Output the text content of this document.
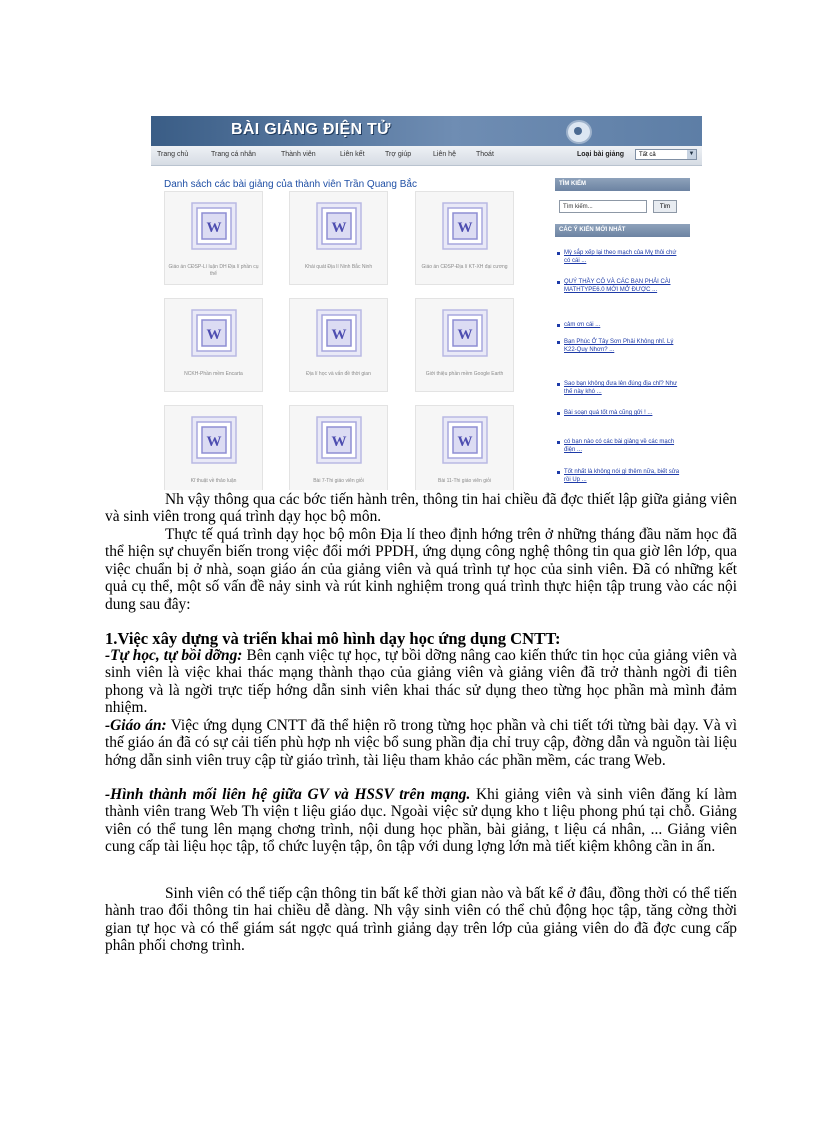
BÀI GIẢNG ĐIỆN TỬ
Trang chủ	Trang cá nhân	Thành viên	Liên kết	Trợ giúp	Liên hệ	Thoát	Loại bài giảng	Tất cả	▼
Danh sách các bài giảng của thành viên Trần Quang Bắc
W
Giáo án CĐSP-Lí luận DH Địa lí phần cụ thể
W
Khái quát Địa lí Ninh Bắc Ninh
W
Giáo án CĐSP-Địa lí KT-XH đại cương
W
NCKH-Phần mềm Encarta
W
Địa lí học và vấn đề thời gian
W
Giới thiệu phần mềm Google Earth
W
Kĩ thuật về thảo luận
W
Bài 7-Thi giáo viên giỏi
W
Bài 11-Thi giáo viên giỏi
TÌM KIẾM
Tìm kiếm...	Tìm
CÁC Ý KIẾN MỚI NHẤT
Mỳ sắp xếp lại theo mạch của Mỵ thôi chứ có cái ...
QUÝ THẦY CÔ VÀ CÁC BẠN PHẢI CÀI MATHTYPE6.0 MỚI MỞ ĐƯỢC ...
cảm ơn cái ...
Bạn Phúc Ở Tây Sơn Phải Không nhỉ. Lý K22-Quy Nhơn? ...
Sao bạn không đưa lên đúng địa chỉ? Như thế này khó ...
Bài soạn quá tốt mà cũng gửi ! ...
có bạn nào có các bài giảng về các mạch điện ...
Tốt nhất là không nói gì thêm nữa, biết sửa rồi Up ...

Nh vậy thông qua các bớc tiến hành trên, thông tin hai chiều đã đợc thiết lập giữa giảng viên và sinh viên trong quá trình dạy học bộ môn.

Thực tế quá trình dạy học bộ môn Địa lí theo định hớng trên ở những tháng đầu năm học đã thể hiện sự chuyển biến trong việc đổi mới PPDH, ứng dụng công nghệ thông tin qua giờ lên lớp, qua việc chuẩn bị ở nhà, soạn giáo án của giảng viên và quá trình tự học của sinh viên. Đã có những kết quả cụ thể, một số vấn đề nảy sinh và rút kinh nghiệm trong quá trình thực hiện tập trung vào các nội dung sau đây:

1.Việc xây dựng và triển khai mô hình dạy học ứng dụng CNTT:

-Tự học, tự bồi dỡng: Bên cạnh việc tự học, tự bồi dỡng nâng cao kiến thức tin học của giảng viên và sinh viên là việc khai thác mạng thành thạo của giảng viên và giảng viên đã trở thành ngời đi tiên phong và là ngời trực tiếp hớng dẫn sinh viên khai thác sử dụng theo từng học phần mà mình đảm nhiệm.

-Giáo án: Việc ứng dụng CNTT đã thể hiện rõ trong từng học phần và chi tiết tới từng bài dạy. Và vì thế giáo án đã có sự cải tiến phù hợp nh việc bổ sung phần địa chỉ truy cập, đờng dẫn và nguồn tài liệu hớng dẫn sinh viên truy cập từ giáo trình, tài liệu tham khảo các phần mềm, các trang Web.

-Hình thành mối liên hệ giữa GV và HSSV trên mạng. Khi giảng viên và sinh viên đăng kí làm thành viên trang Web Th viện t liệu giáo dục. Ngoài việc sử dụng kho t liệu phong phú tại chỗ. Giảng viên có thể tung lên mạng chơng trình, nội dung học phần, bài giảng, t liệu cá nhân, ... Giảng viên cung cấp tài liệu học tập, tổ chức luyện tập, ôn tập với dung lợng lớn mà tiết kiệm không cần in ấn.

Sinh viên có thể tiếp cận thông tin bất kể thời gian nào và bất kể ở đâu, đồng thời có thể tiến hành trao đổi thông tin hai chiều dễ dàng. Nh vậy sinh viên có thể chủ động học tập, tăng cờng thời gian tự học và có thể giám sát ngợc quá trình giảng dạy trên lớp của giảng viên do đã đợc cung cấp phân phối chơng trình.
